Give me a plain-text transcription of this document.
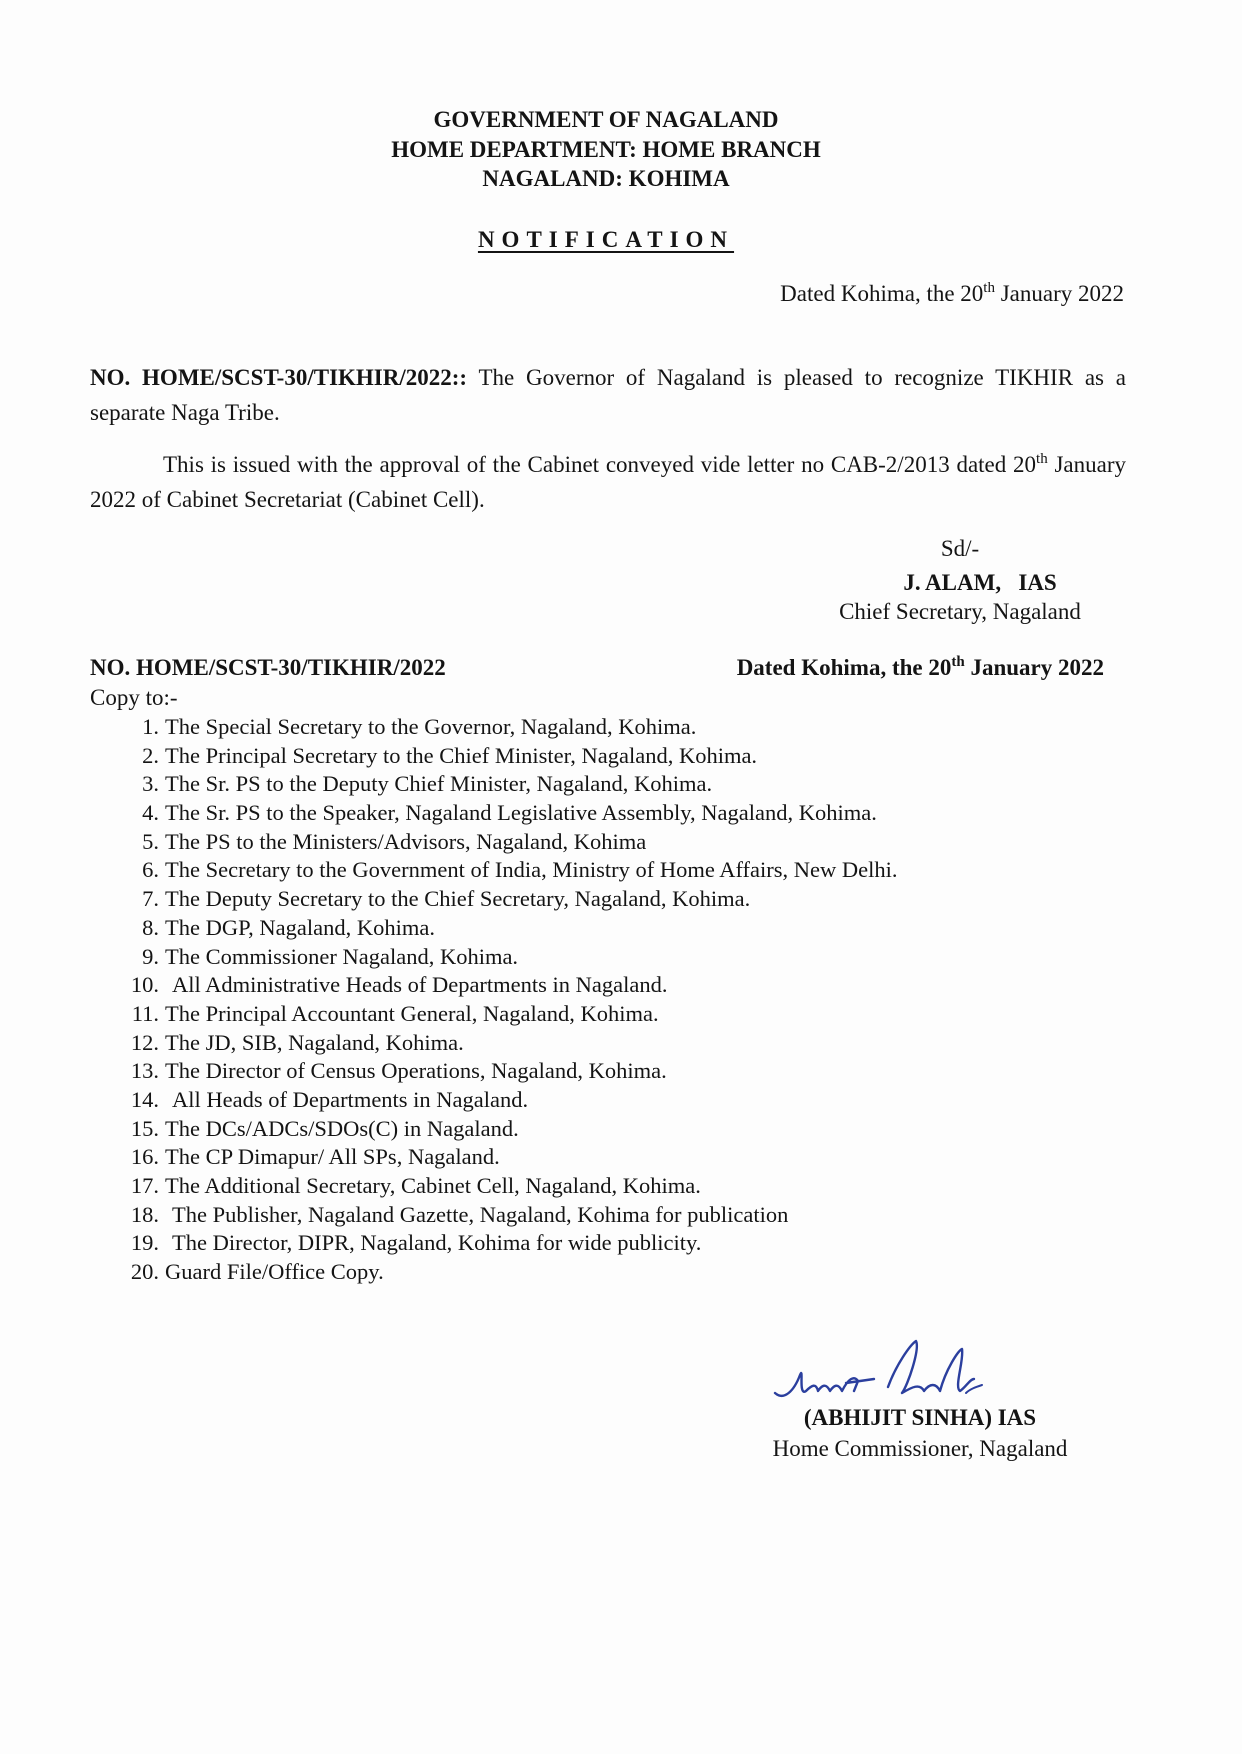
GOVERNMENT OF NAGALAND
HOME DEPARTMENT: HOME BRANCH
NAGALAND: KOHIMA
NOTIFICATION
Dated Kohima, the 20th January 2022
NO. HOME/SCST-30/TIKHIR/2022:: The Governor of Nagaland is pleased to recognize TIKHIR as a separate Naga Tribe.
This is issued with the approval of the Cabinet conveyed vide letter no CAB-2/2013 dated 20th January 2022 of Cabinet Secretariat (Cabinet Cell).
Sd/-
J. ALAM,   IAS
Chief Secretary, Nagaland
NO. HOME/SCST-30/TIKHIR/2022	Dated Kohima, the 20th January 2022
Copy to:-
1. The Special Secretary to the Governor, Nagaland, Kohima.
2. The Principal Secretary to the Chief Minister, Nagaland, Kohima.
3. The Sr. PS to the Deputy Chief Minister, Nagaland, Kohima.
4. The Sr. PS to the Speaker, Nagaland Legislative Assembly, Nagaland, Kohima.
5. The PS to the Ministers/Advisors, Nagaland, Kohima
6. The Secretary to the Government of India, Ministry of Home Affairs, New Delhi.
7. The Deputy Secretary to the Chief Secretary, Nagaland, Kohima.
8. The DGP, Nagaland, Kohima.
9. The Commissioner Nagaland, Kohima.
10. All Administrative Heads of Departments in Nagaland.
11. The Principal Accountant General, Nagaland, Kohima.
12. The JD, SIB, Nagaland, Kohima.
13. The Director of Census Operations, Nagaland, Kohima.
14. All Heads of Departments in Nagaland.
15. The DCs/ADCs/SDOs(C) in Nagaland.
16. The CP Dimapur/ All SPs, Nagaland.
17. The Additional Secretary, Cabinet Cell, Nagaland, Kohima.
18. The Publisher, Nagaland Gazette, Nagaland, Kohima for publication
19. The Director, DIPR, Nagaland, Kohima for wide publicity.
20. Guard File/Office Copy.
(ABHIJIT SINHA) IAS
Home Commissioner, Nagaland
